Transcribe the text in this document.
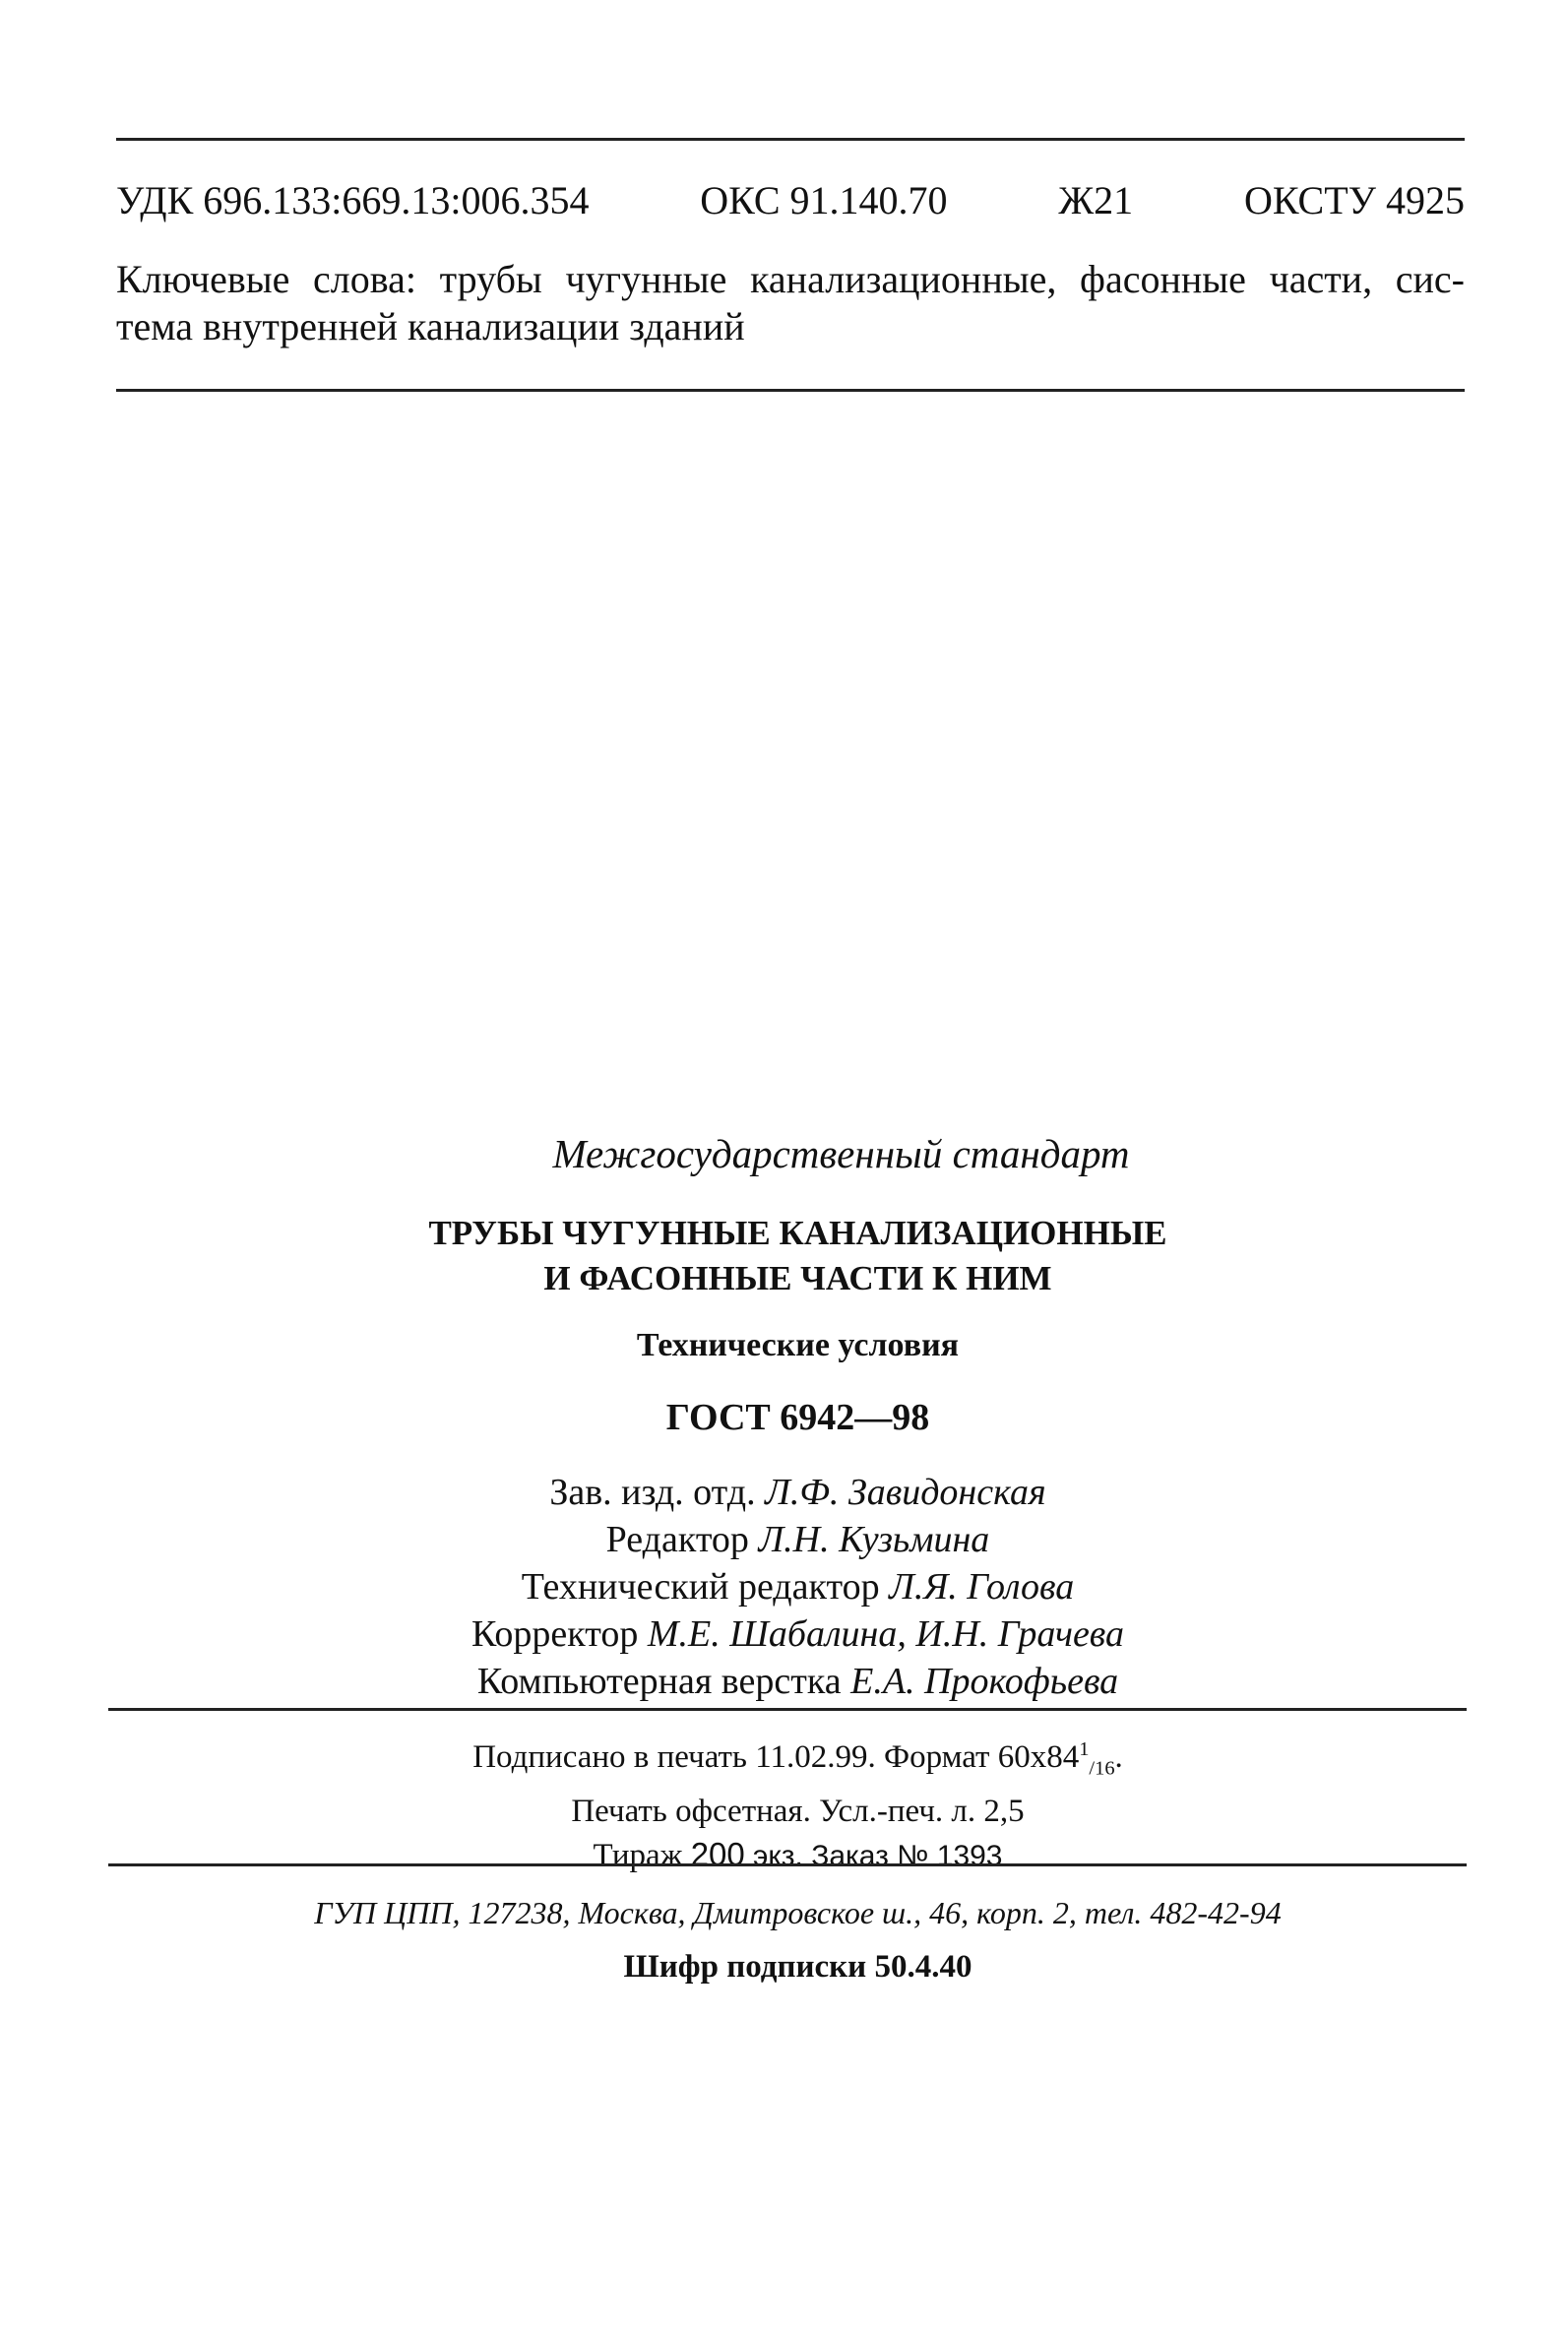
УДК 696.133:669.13:006.354	ОКС 91.140.70	Ж21	ОКСТУ 4925
Ключевые слова: трубы чугунные канализационные, фасонные части, сис-
тема внутренней канализации зданий
Межгосударственный стандарт
ТРУБЫ ЧУГУННЫЕ КАНАЛИЗАЦИОННЫЕ
И ФАСОННЫЕ ЧАСТИ К НИМ
Технические условия
ГОСТ 6942—98
Зав. изд. отд. Л.Ф. Завидонская
Редактор Л.Н. Кузьмина
Технический редактор Л.Я. Голова
Корректор М.Е. Шабалина, И.Н. Грачева
Компьютерная верстка Е.А. Прокофьева
Подписано в печать 11.02.99. Формат $60х84^1_{/16}$.
Печать офсетная. Усл.-печ. л. 2,5
Тираж 200 экз. Заказ № 1393
ГУП ЦПП, 127238, Москва, Дмитровское ш., 46, корп. 2, тел. 482-42-94
Шифр подписки 50.4.40
